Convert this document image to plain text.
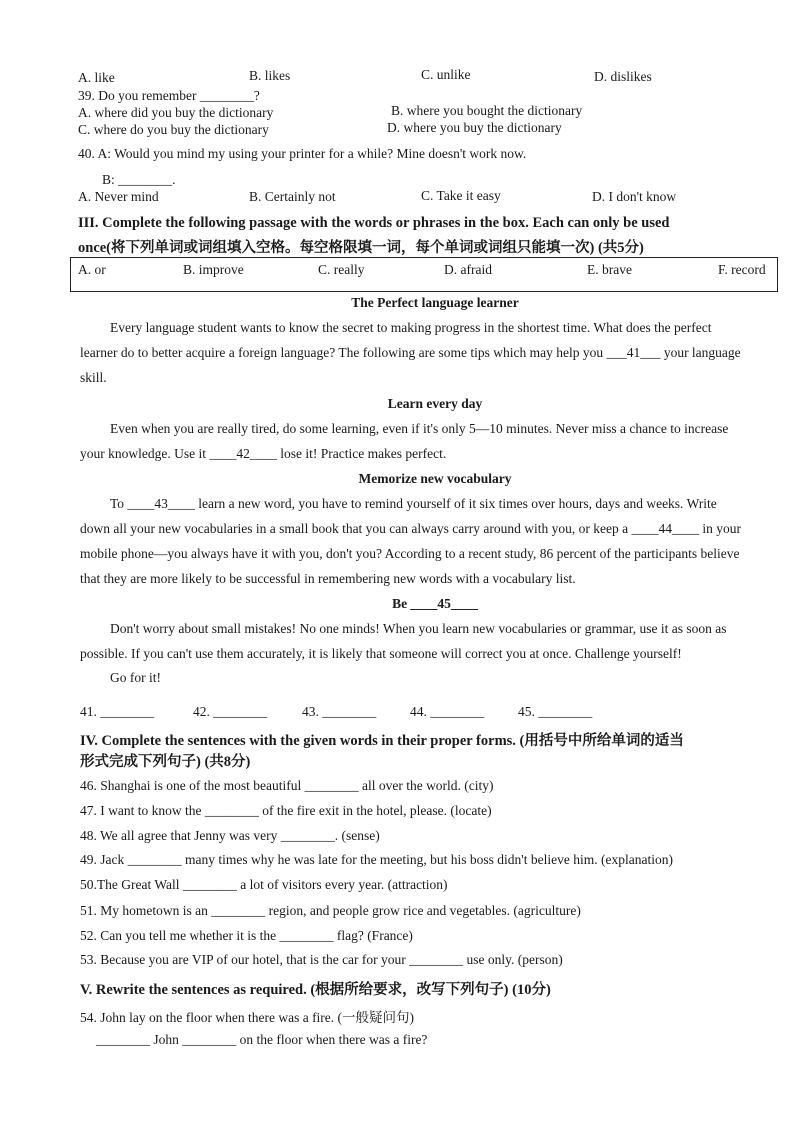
A. like	B. likes	C. unlike	D. dislikes
39. Do you remember ________?
A. where did you buy the dictionary	B. where you bought the dictionary
C. where do you buy the dictionary	D. where you buy the dictionary
40. A: Would you mind my using your printer for a while? Mine doesn't work now.
B: ________.
A. Never mind	B. Certainly not	C. Take it easy	D. I don't know
III. Complete the following passage with the words or phrases in the box. Each can only be used
once(将下列单词或词组填入空格。每空格限填一词，每个单词或词组只能填一次) (共5分)
A. or	B. improve	C. really	D. afraid	E. brave	F. record
The Perfect language learner
Every language student wants to know the secret to making progress in the shortest time. What does the perfect
learner do to better acquire a foreign language? The following are some tips which may help you ___41___ your language
skill.
Learn every day
Even when you are really tired, do some learning, even if it's only 5—10 minutes. Never miss a chance to increase
your knowledge. Use it ____42____ lose it! Practice makes perfect.
Memorize new vocabulary
To ____43____ learn a new word, you have to remind yourself of it six times over hours, days and weeks. Write
down all your new vocabularies in a small book that you can always carry around with you, or keep a ____44____ in your
mobile phone—you always have it with you, don't you? According to a recent study, 86 percent of the participants believe
that they are more likely to be successful in remembering new words with a vocabulary list.
Be ____45____
Don't worry about small mistakes! No one minds! When you learn new vocabularies or grammar, use it as soon as
possible. If you can't use them accurately, it is likely that someone will correct you at once. Challenge yourself!
Go for it!
41. ________	42. ________	43. ________	44. ________	45. ________
IV. Complete the sentences with the given words in their proper forms. (用括号中所给单词的适当
形式完成下列句子) (共8分)
46. Shanghai is one of the most beautiful ________ all over the world. (city)
47. I want to know the ________ of the fire exit in the hotel, please. (locate)
48. We all agree that Jenny was very ________. (sense)
49. Jack ________ many times why he was late for the meeting, but his boss didn't believe him. (explanation)
50.The Great Wall ________ a lot of visitors every year. (attraction)
51. My hometown is an ________ region, and people grow rice and vegetables. (agriculture)
52. Can you tell me whether it is the ________ flag? (France)
53. Because you are VIP of our hotel, that is the car for your ________ use only. (person)
V. Rewrite the sentences as required. (根据所给要求，改写下列句子) (10分)
54. John lay on the floor when there was a fire. (一般疑问句)
________ John ________ on the floor when there was a fire?
